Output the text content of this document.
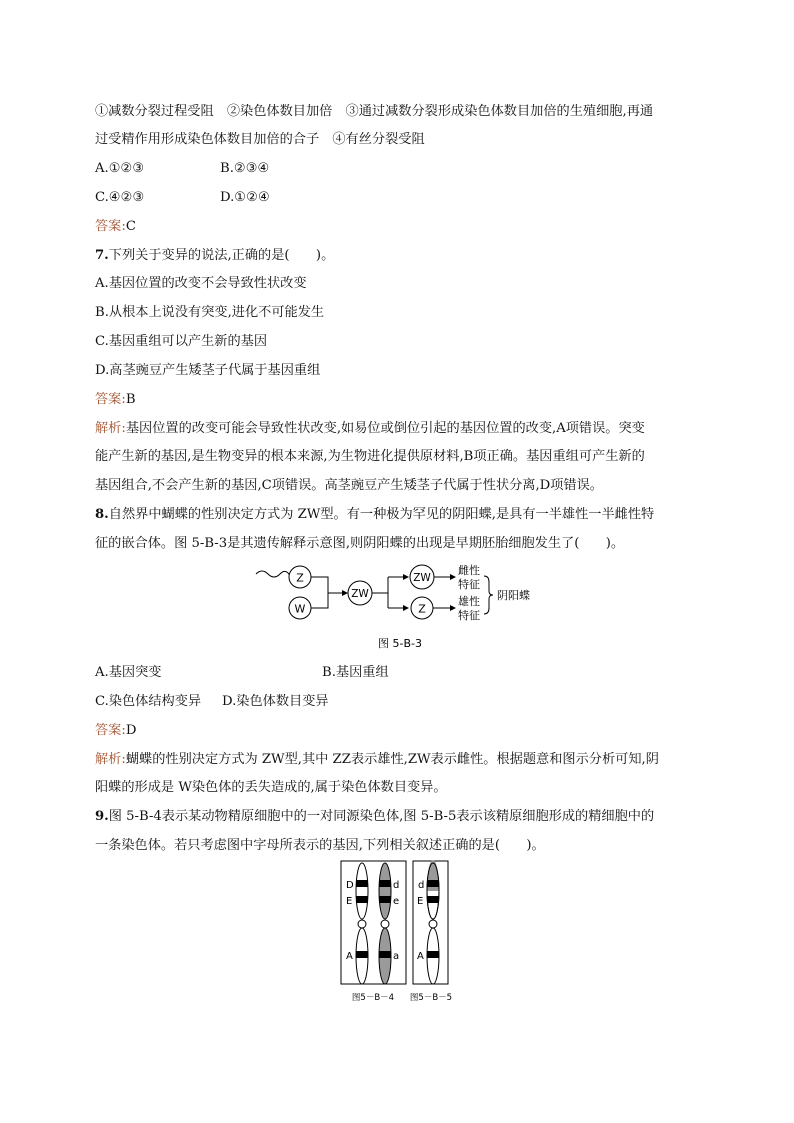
①减数分裂过程受阻　②染色体数目加倍　③通过减数分裂形成染色体数目加倍的生殖细胞,再通
过受精作用形成染色体数目加倍的合子　④有丝分裂受阻
A.①②③	B.②③④
C.④②③	D.①②④
答案:C
7.下列关于变异的说法,正确的是(　　)。
A.基因位置的改变不会导致性状改变
B.从根本上说没有突变,进化不可能发生
C.基因重组可以产生新的基因
D.高茎豌豆产生矮茎子代属于基因重组
答案:B
解析:基因位置的改变可能会导致性状改变,如易位或倒位引起的基因位置的改变,A项错误。突变
能产生新的基因,是生物变异的根本来源,为生物进化提供原材料,B项正确。基因重组可产生新的
基因组合,不会产生新的基因,C项错误。高茎豌豆产生矮茎子代属于性状分离,D项错误。
8.自然界中蝴蝶的性别决定方式为 ZW型。有一种极为罕见的阴阳蝶,是具有一半雄性一半雌性特
征的嵌合体。图 5-B-3是其遗传解释示意图,则阴阳蝶的出现是早期胚胎细胞发生了(　　)。
Z
W
ZW
ZW
Z
雌性
特征
雄性
特征
阴阳蝶
图 5-B-3
A.基因突变	B.基因重组
C.染色体结构变异 D.染色体数目变异
答案:D
解析:蝴蝶的性别决定方式为 ZW型,其中 ZZ表示雄性,ZW表示雌性。根据题意和图示分析可知,阴
阳蝶的形成是 W染色体的丢失造成的,属于染色体数目变异。
9.图 5-B-4表示某动物精原细胞中的一对同源染色体,图 5-B-5表示该精原细胞形成的精细胞中的
一条染色体。若只考虑图中字母所表示的基因,下列相关叙述正确的是(　　)。
D
E
A
d
e
a
d
E
A
图5－B－4 图5－B－5
